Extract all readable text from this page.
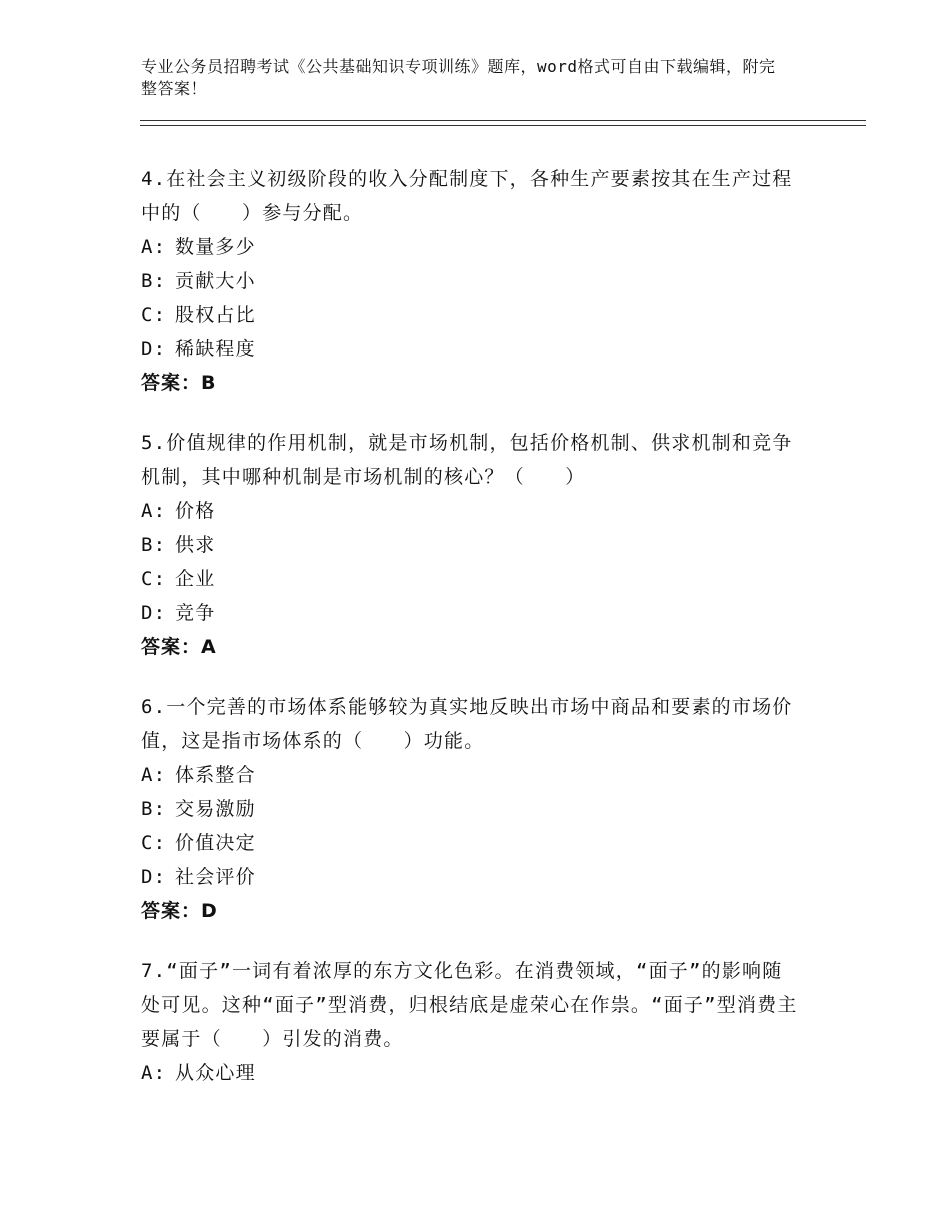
专业公务员招聘考试《公共基础知识专项训练》题库，word格式可自由下载编辑，附完整答案！
4.在社会主义初级阶段的收入分配制度下，各种生产要素按其在生产过程中的（　　）参与分配。
A: 数量多少
B: 贡献大小
C: 股权占比
D: 稀缺程度
答案：B
5.价值规律的作用机制，就是市场机制，包括价格机制、供求机制和竞争机制，其中哪种机制是市场机制的核心？（　　）
A: 价格
B: 供求
C: 企业
D: 竞争
答案：A
6.一个完善的市场体系能够较为真实地反映出市场中商品和要素的市场价值，这是指市场体系的（　　）功能。
A: 体系整合
B: 交易激励
C: 价值决定
D: 社会评价
答案：D
7.“面子”一词有着浓厚的东方文化色彩。在消费领域，“面子”的影响随处可见。这种“面子”型消费，归根结底是虚荣心在作祟。“面子”型消费主要属于（　　）引发的消费。
A: 从众心理
